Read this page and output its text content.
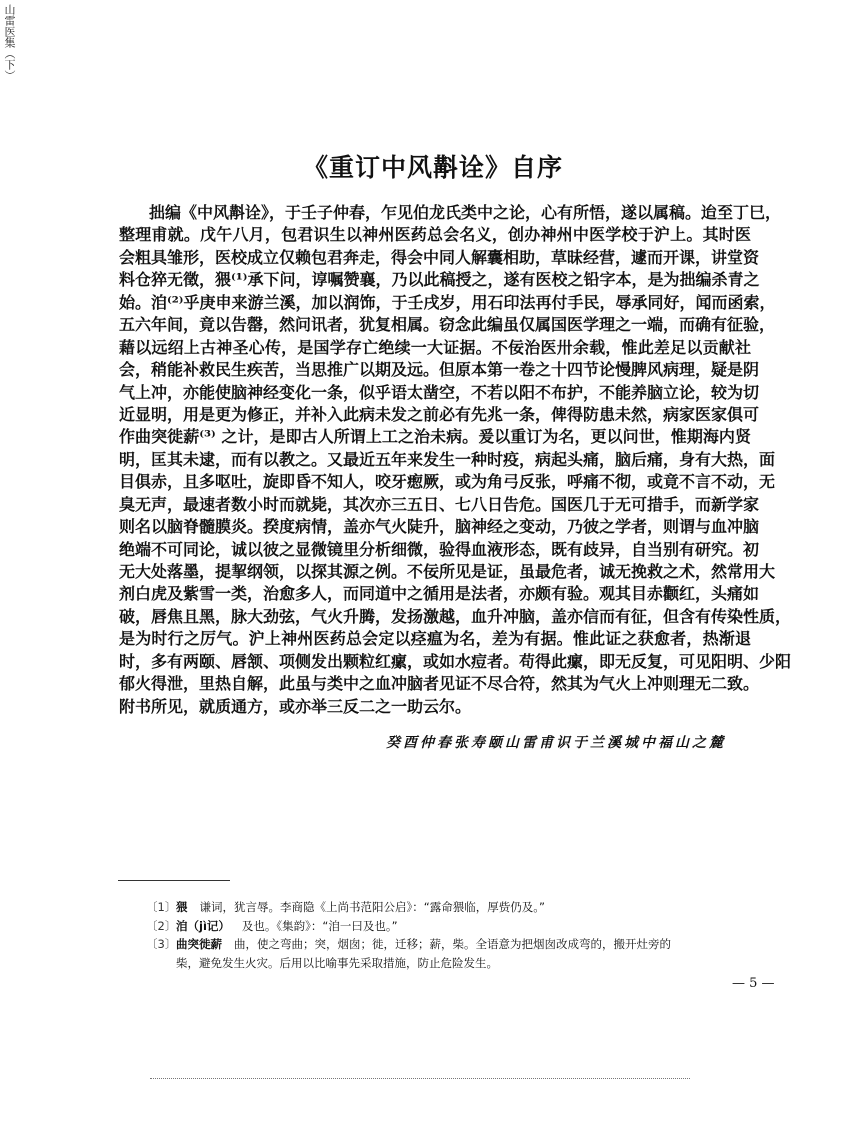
山雷医集（下）
《重订中风斠诠》自序
拙编《中风斠诠》，于壬子仲春，乍见伯龙氏类中之论，心有所悟，遂以属稿。迨至丁巳，
整理甫就。戊午八月，包君识生以神州医药总会名义，创办神州中医学校于沪上。其时医
会粗具雏形，医校成立仅赖包君奔走，得会中同人解囊相助，草昧经营，遽而开课，讲堂资
料仓猝无徵，猥⁽¹⁾承下问，谆嘱赞襄，乃以此稿授之，遂有医校之铅字本，是为拙编杀青之
始。洎⁽²⁾乎庚申来游兰溪，加以润饰，于壬戌岁，用石印法再付手民，辱承同好，闻而函索，
五六年间，竟以告罄，然问讯者，犹复相属。窃念此编虽仅属国医学理之一端，而确有征验，
藉以远绍上古神圣心传，是国学存亡绝续一大证据。不佞治医卅余载，惟此差足以贡献社
会，稍能补救民生疾苦，当思推广以期及远。但原本第一卷之十四节论慢脾风病理，疑是阴
气上冲，亦能使脑神经变化一条，似乎语太凿空，不若以阳不布护，不能养脑立论，较为切
近显明，用是更为修正，并补入此病未发之前必有先兆一条，俾得防患未然，病家医家俱可
作曲突徙薪⁽³⁾ 之计，是即古人所谓上工之治未病。爰以重订为名，更以问世，惟期海内贤
明，匡其未逮，而有以教之。又最近五年来发生一种时疫，病起头痛，脑后痛，身有大热，面
目俱赤，且多呕吐，旋即昏不知人，咬牙瘛厥，或为角弓反张，呼痛不彻，或竟不言不动，无
臭无声，最速者数小时而就毙，其次亦三五日、七八日告危。国医几于无可措手，而新学家
则名以脑脊髓膜炎。揆度病情，盖亦气火陡升，脑神经之变动，乃彼之学者，则谓与血冲脑
绝端不可同论，诚以彼之显微镜里分析细微，验得血液形态，既有歧异，自当别有研究。初
无大处落墨，提挈纲领，以探其源之例。不佞所见是证，虽最危者，诚无挽救之术，然常用大
剂白虎及紫雪一类，治愈多人，而同道中之循用是法者，亦颇有验。观其目赤颧红，头痛如
破，唇焦且黑，脉大劲弦，气火升腾，发扬激越，血升冲脑，盖亦信而有征，但含有传染性质，
是为时行之厉气。沪上神州医药总会定以痉瘟为名，差为有据。惟此证之获愈者，热渐退
时，多有两颐、唇颔、项侧发出颗粒红瘰，或如水痘者。苟得此瘰，即无反复，可见阳明、少阳
郁火得泄，里热自解，此虽与类中之血冲脑者见证不尽合符，然其为气火上冲则理无二致。
附书所见，就质通方，或亦举三反二之一助云尔。
癸酉仲春张寿颐山雷甫识于兰溪城中福山之麓
〔1〕 猥 谦词，犹言辱。李商隐《上尚书范阳公启》：“露命猥临，厚赀仍及。”
〔2〕 洎（jì记） 及也。《集韵》：“洎一曰及也。”
〔3〕 曲突徙薪 曲，使之弯曲；突，烟囱；徙，迁移；薪，柴。全语意为把烟囱改成弯的，搬开灶旁的
柴，避免发生火灾。后用以比喻事先采取措施，防止危险发生。
— 5 —
